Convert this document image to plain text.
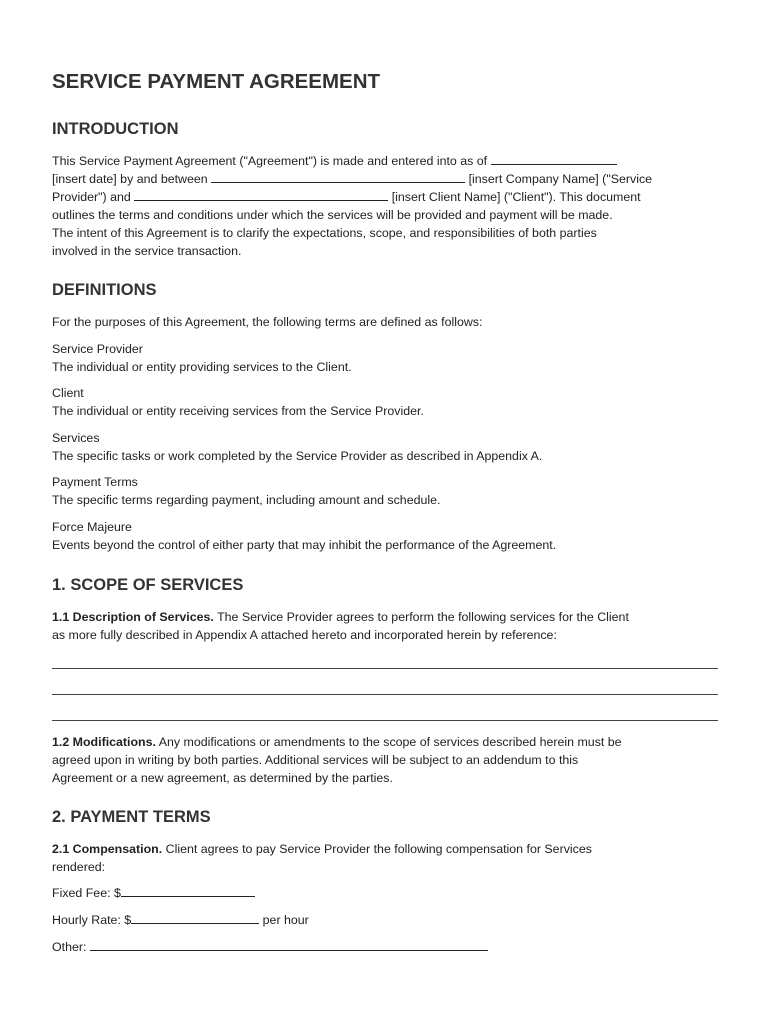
SERVICE PAYMENT AGREEMENT
INTRODUCTION
This Service Payment Agreement ("Agreement") is made and entered into as of
[insert date] by and between	[insert Company Name] ("Service
Provider") and	[insert Client Name] ("Client"). This document
outlines the terms and conditions under which the services will be provided and payment will be made.
The intent of this Agreement is to clarify the expectations, scope, and responsibilities of both parties
involved in the service transaction.
DEFINITIONS
For the purposes of this Agreement, the following terms are defined as follows:
Service Provider
The individual or entity providing services to the Client.
Client
The individual or entity receiving services from the Service Provider.
Services
The specific tasks or work completed by the Service Provider as described in Appendix A.
Payment Terms
The specific terms regarding payment, including amount and schedule.
Force Majeure
Events beyond the control of either party that may inhibit the performance of the Agreement.
1. SCOPE OF SERVICES
1.1 Description of Services. The Service Provider agrees to perform the following services for the Client
as more fully described in Appendix A attached hereto and incorporated herein by reference:
1.2 Modifications. Any modifications or amendments to the scope of services described herein must be
agreed upon in writing by both parties. Additional services will be subject to an addendum to this
Agreement or a new agreement, as determined by the parties.
2. PAYMENT TERMS
2.1 Compensation. Client agrees to pay Service Provider the following compensation for Services
rendered:
Fixed Fee: $
Hourly Rate: $	per hour
Other:
